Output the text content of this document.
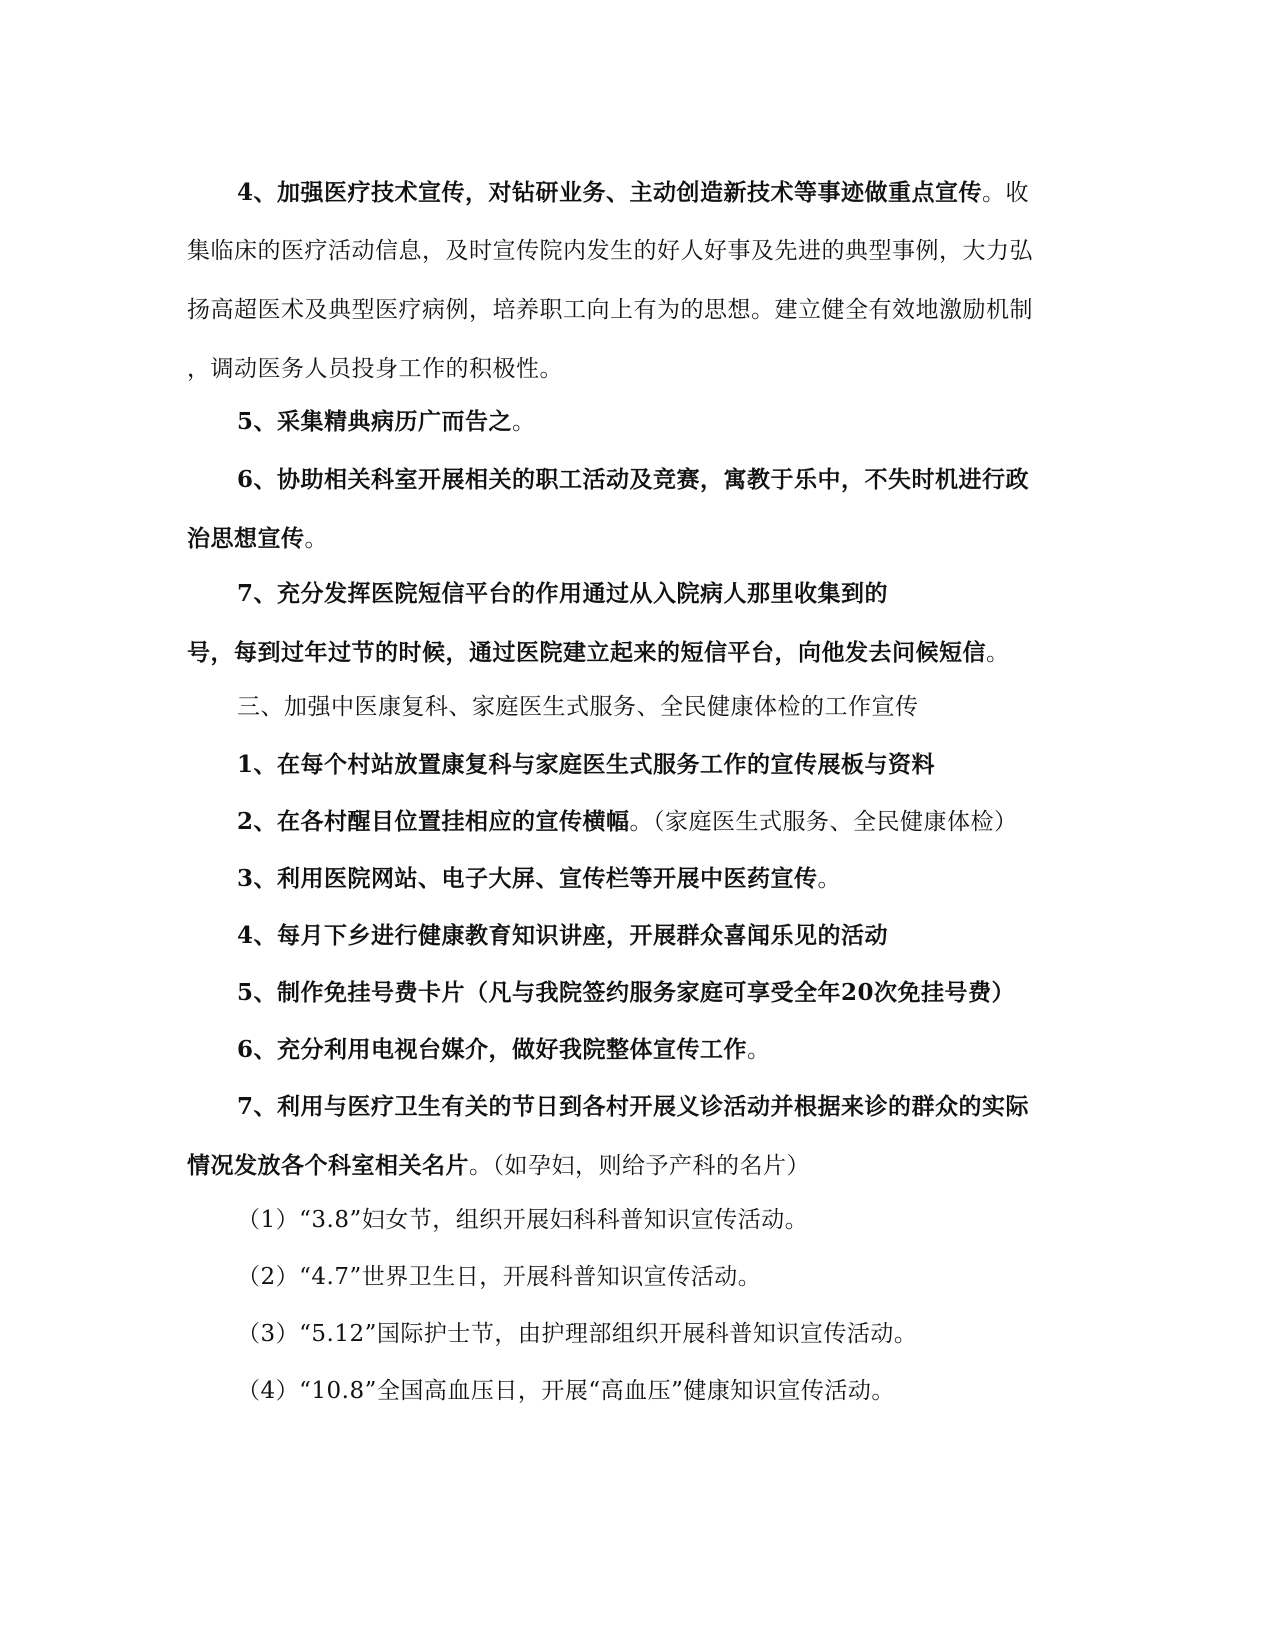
4、加强医疗技术宣传，对钻研业务、主动创造新技术等事迹做重点宣传。收
集临床的医疗活动信息，及时宣传院内发生的好人好事及先进的典型事例，大力弘
扬高超医术及典型医疗病例，培养职工向上有为的思想。建立健全有效地激励机制
，调动医务人员投身工作的积极性。

5、采集精典病历广而告之。

6、协助相关科室开展相关的职工活动及竞赛，寓教于乐中，不失时机进行政
治思想宣传。

7、充分发挥医院短信平台的作用通过从入院病人那里收集到的
号，每到过年过节的时候，通过医院建立起来的短信平台，向他发去问候短信。

三、加强中医康复科、家庭医生式服务、全民健康体检的工作宣传

1、在每个村站放置康复科与家庭医生式服务工作的宣传展板与资料

2、在各村醒目位置挂相应的宣传横幅。（家庭医生式服务、全民健康体检）

3、利用医院网站、电子大屏、宣传栏等开展中医药宣传。

4、每月下乡进行健康教育知识讲座，开展群众喜闻乐见的活动

5、制作免挂号费卡片（凡与我院签约服务家庭可享受全年20次免挂号费）

6、充分利用电视台媒介，做好我院整体宣传工作。

7、利用与医疗卫生有关的节日到各村开展义诊活动并根据来诊的群众的实际
情况发放各个科室相关名片。（如孕妇，则给予产科的名片）

（1）“3.8”妇女节，组织开展妇科科普知识宣传活动。

（2）“4.7”世界卫生日，开展科普知识宣传活动。

（3）“5.12”国际护士节，由护理部组织开展科普知识宣传活动。

（4）“10.8”全国高血压日，开展“高血压”健康知识宣传活动。
